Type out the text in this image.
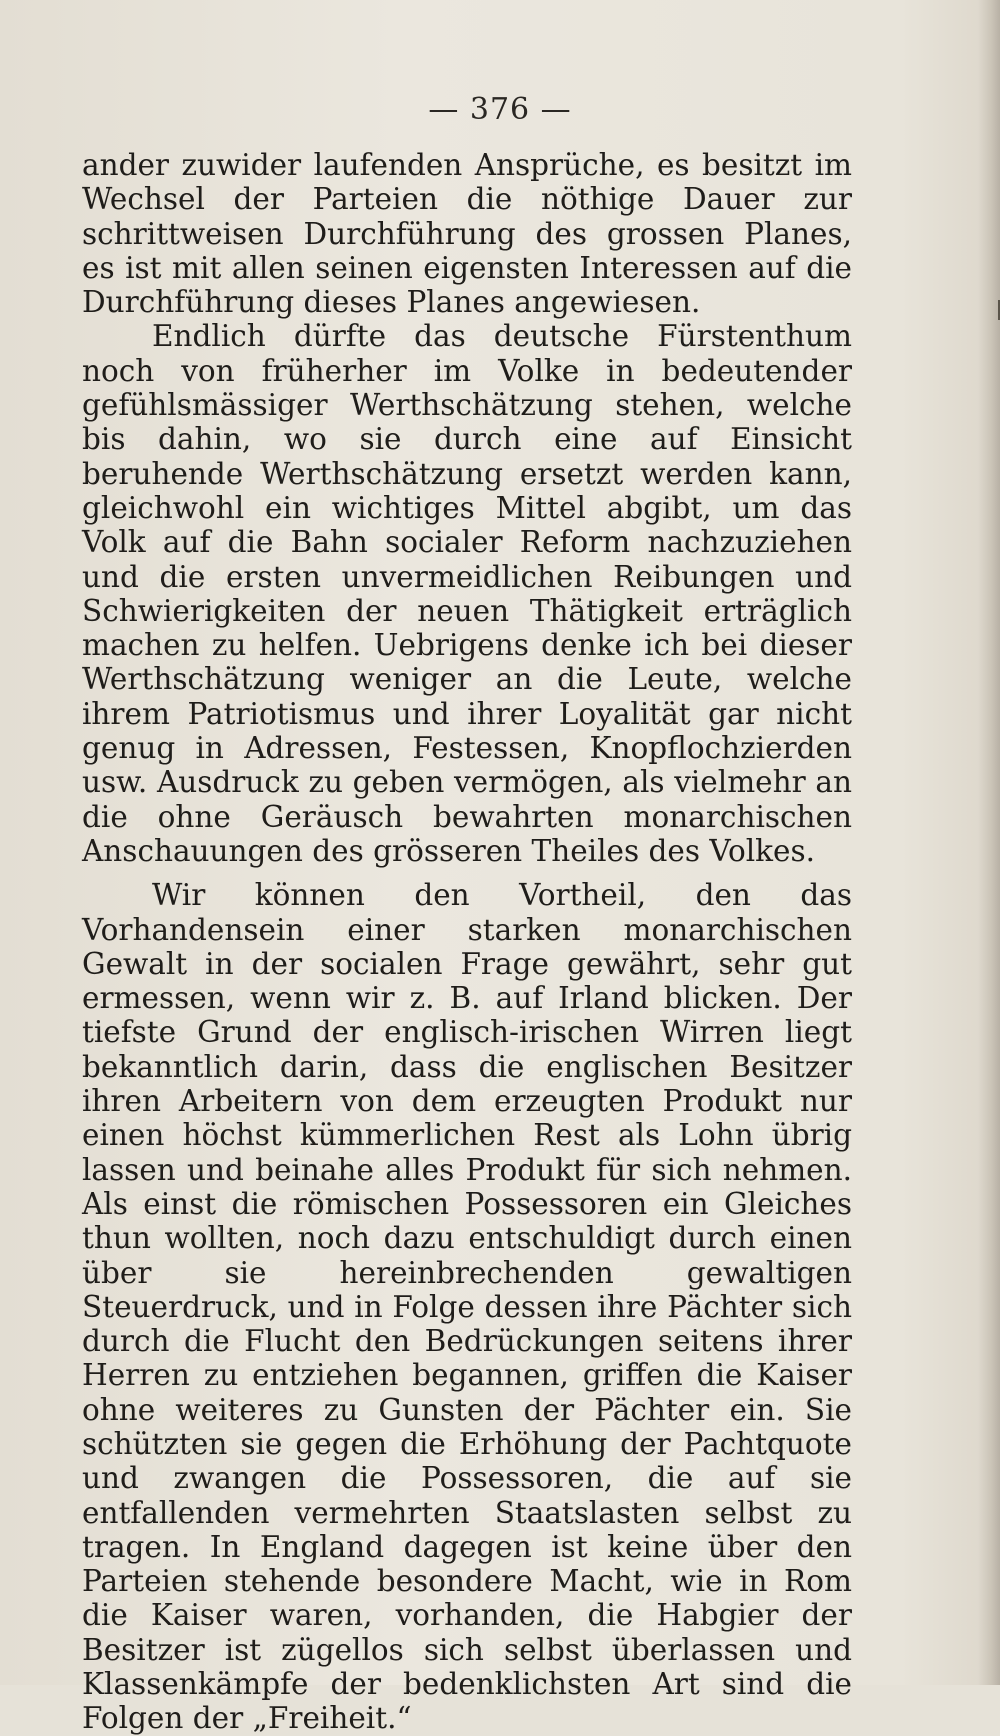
— 376 —

ander zuwider laufenden Ansprüche, es besitzt im Wechsel der Parteien die nöthige Dauer zur schrittweisen Durchführung des grossen Planes, es ist mit allen seinen eigensten Interessen auf die Durchführung dieses Planes angewiesen.

Endlich dürfte das deutsche Fürstenthum noch von früherher im Volke in bedeutender gefühlsmässiger Werthschätzung stehen, welche bis dahin, wo sie durch eine auf Einsicht beruhende Werthschätzung ersetzt werden kann, gleichwohl ein wichtiges Mittel abgibt, um das Volk auf die Bahn socialer Reform nachzuziehen und die ersten unvermeidlichen Reibungen und Schwierigkeiten der neuen Thätigkeit erträglich machen zu helfen. Uebrigens denke ich bei dieser Werthschätzung weniger an die Leute, welche ihrem Patriotismus und ihrer Loyalität gar nicht genug in Adressen, Festessen, Knopflochzierden usw. Ausdruck zu geben vermögen, als vielmehr an die ohne Geräusch bewahrten monarchischen Anschauungen des grösseren Theiles des Volkes.

Wir können den Vortheil, den das Vorhandensein einer starken monarchischen Gewalt in der socialen Frage gewährt, sehr gut ermessen, wenn wir z. B. auf Irland blicken. Der tiefste Grund der englisch-irischen Wirren liegt bekanntlich darin, dass die englischen Besitzer ihren Arbeitern von dem erzeugten Produkt nur einen höchst kümmerlichen Rest als Lohn übrig lassen und beinahe alles Produkt für sich nehmen. Als einst die römischen Possessoren ein Gleiches thun wollten, noch dazu entschuldigt durch einen über sie hereinbrechenden gewaltigen Steuerdruck, und in Folge dessen ihre Pächter sich durch die Flucht den Bedrückungen seitens ihrer Herren zu entziehen begannen, griffen die Kaiser ohne weiteres zu Gunsten der Pächter ein. Sie schützten sie gegen die Erhöhung der Pachtquote und zwangen die Possessoren, die auf sie entfallenden vermehrten Staatslasten selbst zu tragen. In England dagegen ist keine über den Parteien stehende besondere Macht, wie in Rom die Kaiser waren, vorhanden, die Habgier der Besitzer ist zügellos sich selbst überlassen und Klassenkämpfe der bedenklichsten Art sind die Folgen der „Freiheit.“
